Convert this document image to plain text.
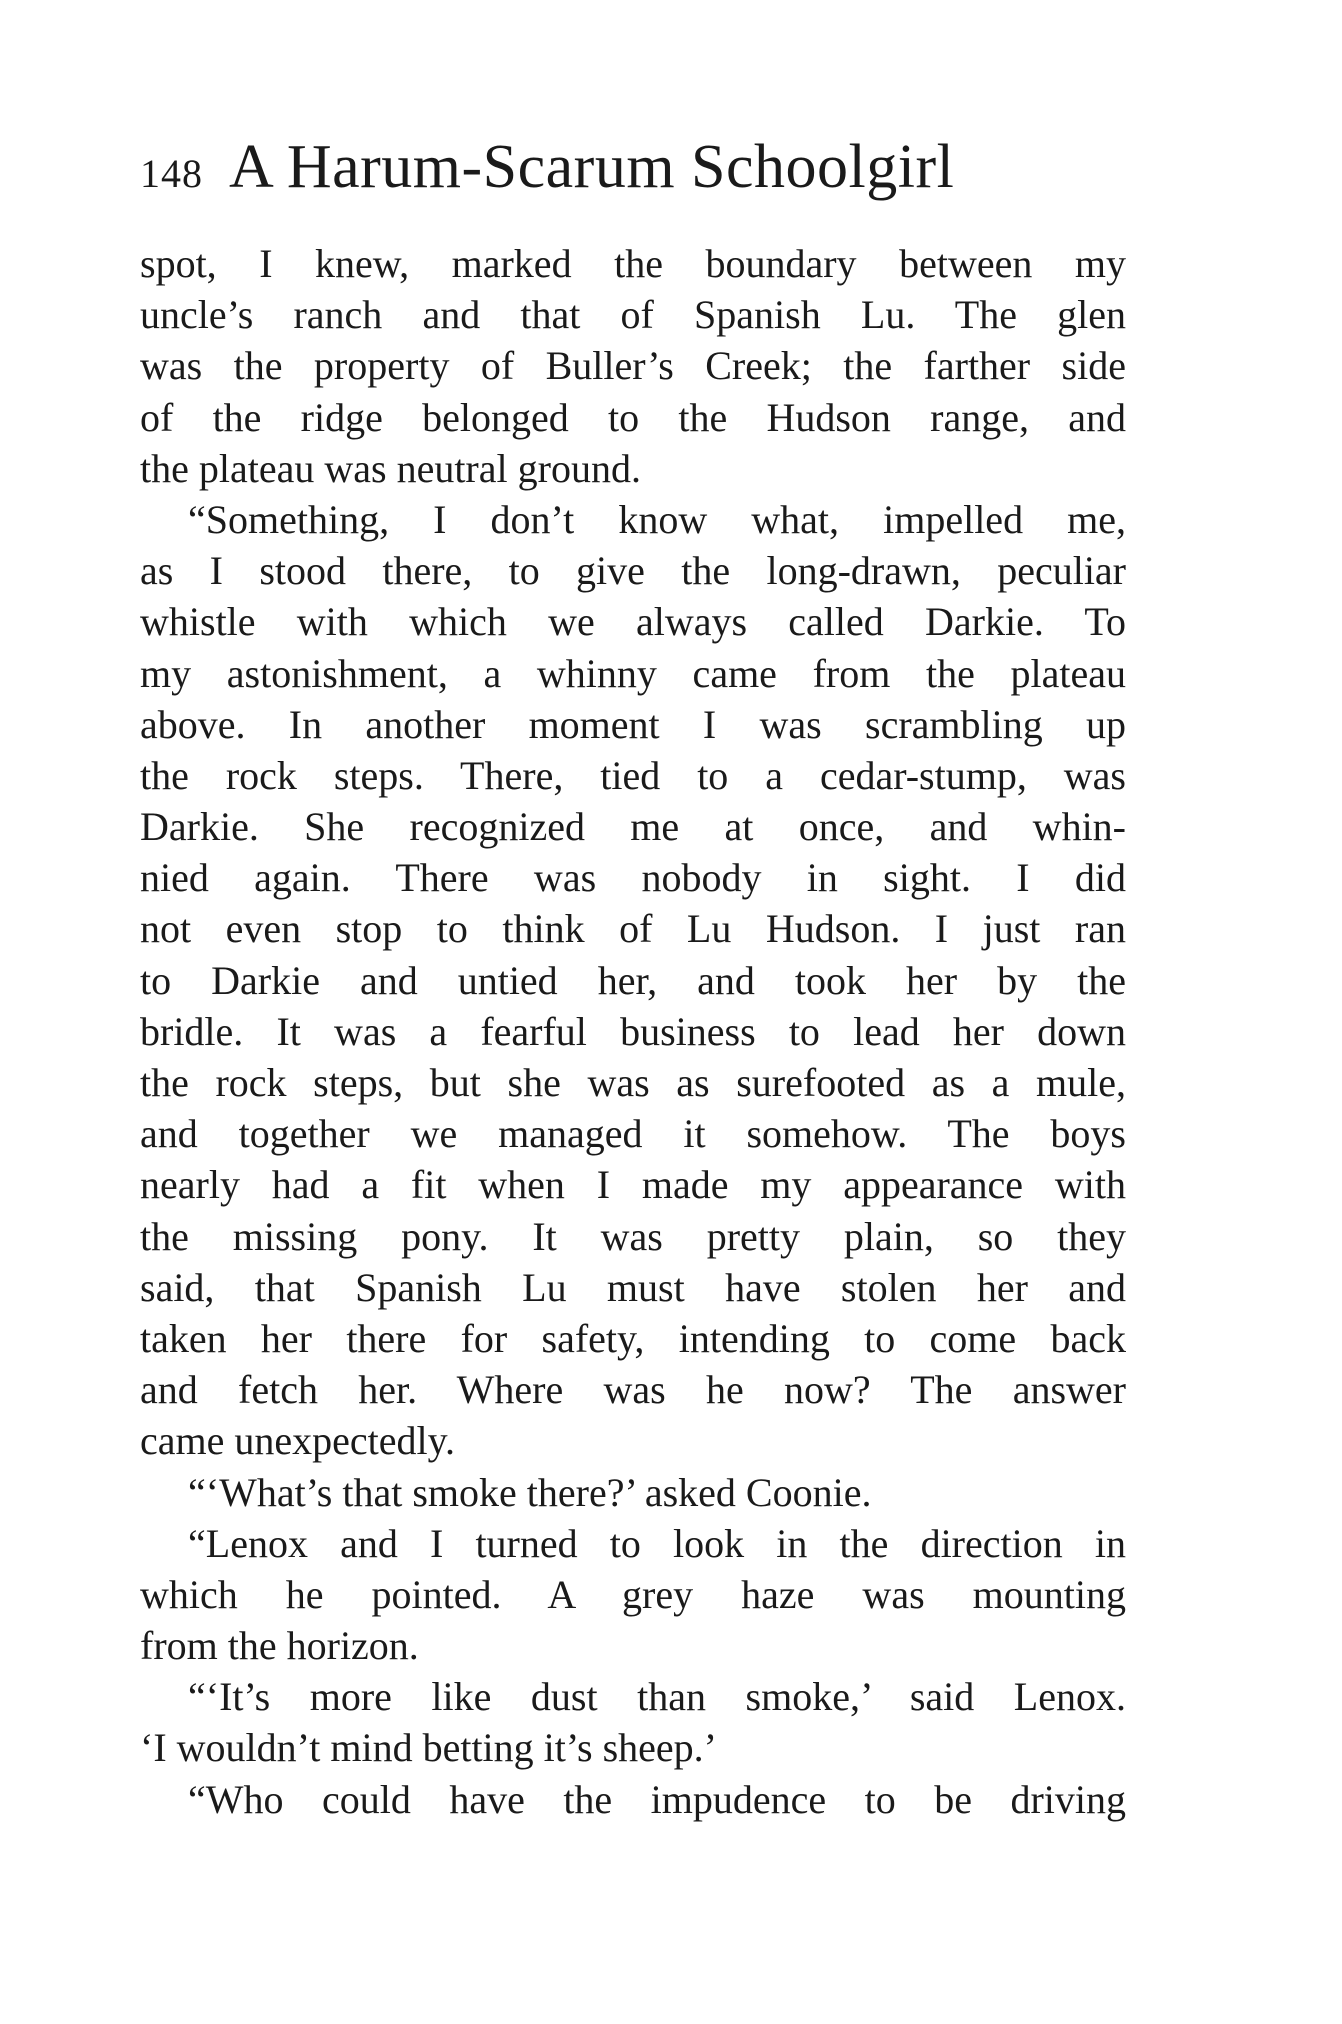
148 A Harum-Scarum Schoolgirl
spot, I knew, marked the boundary between my
uncle’s ranch and that of Spanish Lu. The glen
was the property of Buller’s Creek; the farther side
of the ridge belonged to the Hudson range, and
the plateau was neutral ground.
“Something, I don’t know what, impelled me,
as I stood there, to give the long-drawn, peculiar
whistle with which we always called Darkie. To
my astonishment, a whinny came from the plateau
above. In another moment I was scrambling up
the rock steps. There, tied to a cedar-stump, was
Darkie. She recognized me at once, and whin-
nied again. There was nobody in sight. I did
not even stop to think of Lu Hudson. I just ran
to Darkie and untied her, and took her by the
bridle. It was a fearful business to lead her down
the rock steps, but she was as surefooted as a mule,
and together we managed it somehow. The boys
nearly had a fit when I made my appearance with
the missing pony. It was pretty plain, so they
said, that Spanish Lu must have stolen her and
taken her there for safety, intending to come back
and fetch her. Where was he now? The answer
came unexpectedly.
“‘What’s that smoke there?’ asked Coonie.
“Lenox and I turned to look in the direction in
which he pointed. A grey haze was mounting
from the horizon.
“‘It’s more like dust than smoke,’ said Lenox.
‘I wouldn’t mind betting it’s sheep.’
“Who could have the impudence to be driving
